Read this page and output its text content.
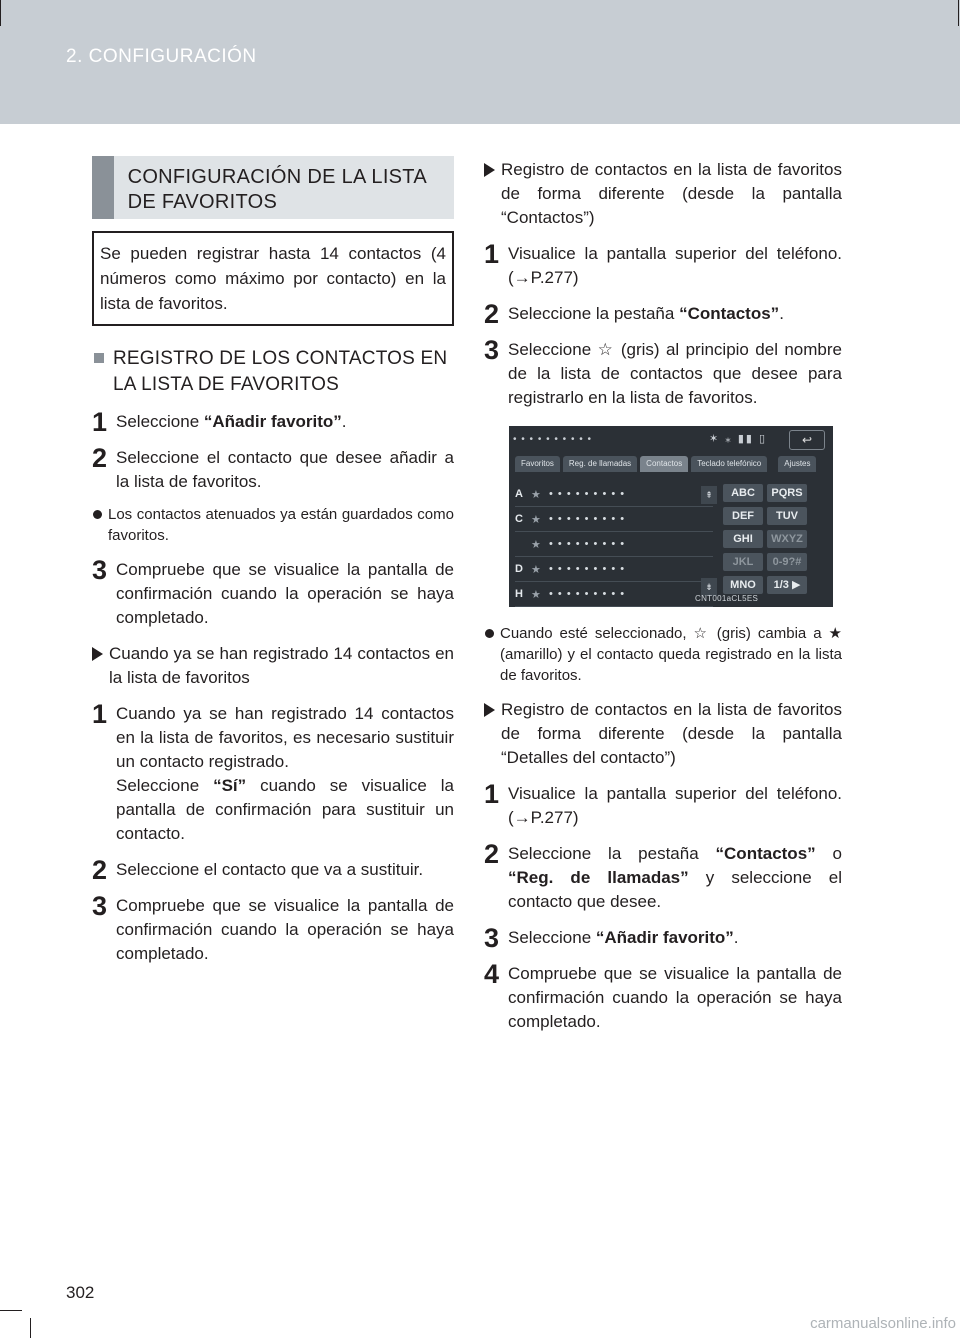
2. CONFIGURACIÓN
CONFIGURACIÓN DE LA LISTA DE FAVORITOS
Se pueden registrar hasta 14 contactos (4 números como máximo por contacto) en la lista de favoritos.
REGISTRO DE LOS CONTACTOS EN LA LISTA DE FAVORITOS
1 Seleccione “Añadir favorito”.
2 Seleccione el contacto que desee añadir a la lista de favoritos.
Los contactos atenuados ya están guardados como favoritos.
3 Compruebe que se visualice la pantalla de confirmación cuando la operación se haya completado.
Cuando ya se han registrado 14 contactos en la lista de favoritos
1 Cuando ya se han registrado 14 contactos en la lista de favoritos, es necesario sustituir un contacto registrado.
Seleccione “Sí” cuando se visualice la pantalla de confirmación para sustituir un contacto.
2 Seleccione el contacto que va a sustituir.
3 Compruebe que se visualice la pantalla de confirmación cuando la operación se haya completado.
Registro de contactos en la lista de favoritos de forma diferente (desde la pantalla “Contactos”)
1 Visualice la pantalla superior del teléfono. (→P.277)
2 Seleccione la pestaña “Contactos”.
3 Seleccione ☆ (gris) al principio del nombre de la lista de contactos que desee para registrarlo en la lista de favoritos.
• • • • • • • • • •	✶ ⁎ ▮▮ ▯	↩
Favoritos	Reg. de llamadas	Contactos	Teclado telefónico	Ajustes
A ★ • • • • • • • • •
C ★ • • • • • • • • •
★ • • • • • • • • •
D ★ • • • • • • • • •
H ★ • • • • • • • • •
⇞
⇟
ABC	PQRS
DEF	TUV
GHI	WXYZ
JKL	0-9?#
MNO	1/3 ▶
CNT001aCL5ES
Cuando esté seleccionado, ☆ (gris) cambia a ★ (amarillo) y el contacto queda registrado en la lista de favoritos.
Registro de contactos en la lista de favoritos de forma diferente (desde la pantalla “Detalles del contacto”)
1 Visualice la pantalla superior del teléfono. (→P.277)
2 Seleccione la pestaña “Contactos” o “Reg. de llamadas” y seleccione el contacto que desee.
3 Seleccione “Añadir favorito”.
4 Compruebe que se visualice la pantalla de confirmación cuando la operación se haya completado.
302
carmanualsonline.info
